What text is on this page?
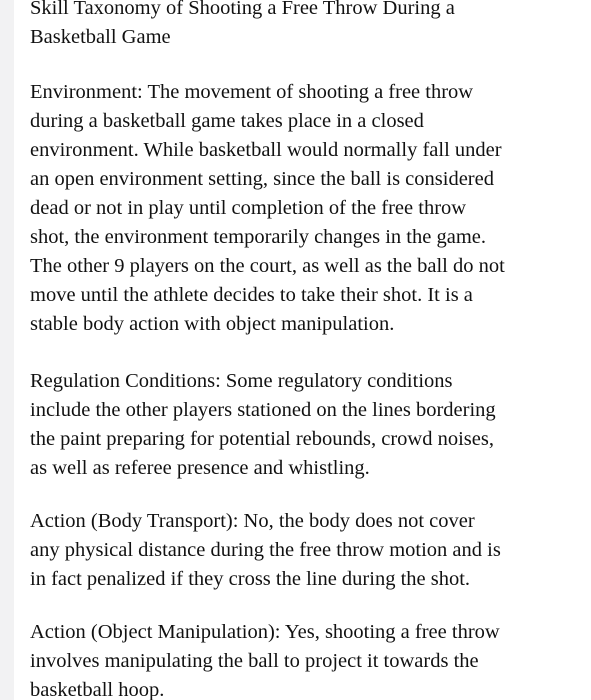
Skill Taxonomy of Shooting a Free Throw During a
Basketball Game
Environment: The movement of shooting a free throw
during a basketball game takes place in a closed
environment. While basketball would normally fall under
an open environment setting, since the ball is considered
dead or not in play until completion of the free throw
shot, the environment temporarily changes in the game.
The other 9 players on the court, as well as the ball do not
move until the athlete decides to take their shot. It is a
stable body action with object manipulation.
Regulation Conditions: Some regulatory conditions
include the other players stationed on the lines bordering
the paint preparing for potential rebounds, crowd noises,
as well as referee presence and whistling.
Action (Body Transport): No, the body does not cover
any physical distance during the free throw motion and is
in fact penalized if they cross the line during the shot.
Action (Object Manipulation): Yes, shooting a free throw
involves manipulating the ball to project it towards the
basketball hoop.
